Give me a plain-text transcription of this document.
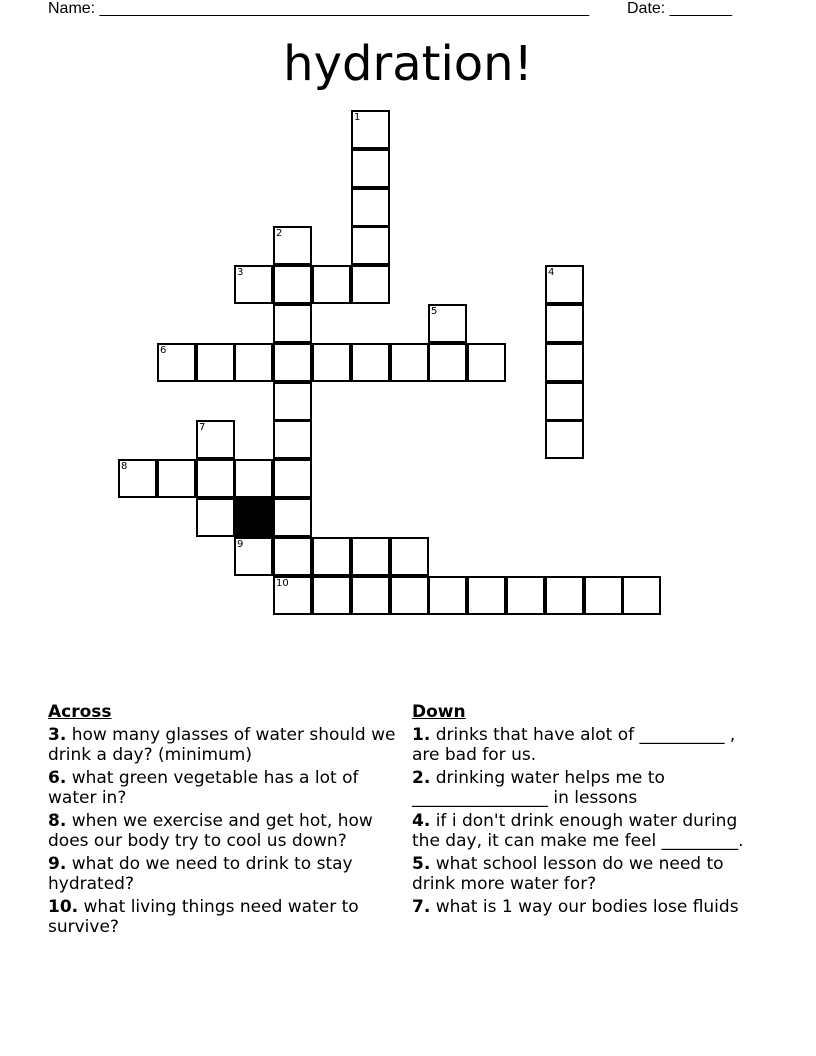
Name: _______________________________________________________

Date: _______

hydration!
1
2
10
3	4
5
6
7
8
9
Across
3. how many glasses of water should we drink a day? (minimum)
6. what green vegetable has a lot of water in?
8. when we exercise and get hot, how does our body try to cool us down?
9. what do we need to drink to stay hydrated?
10. what living things need water to survive?
Down
1. drinks that have alot of __________ , are bad for us.
2. drinking water helps me to ________________ in lessons
4. if i don't drink enough water during the day, it can make me feel _________.
5. what school lesson do we need to drink more water for?
7. what is 1 way our bodies lose fluids
